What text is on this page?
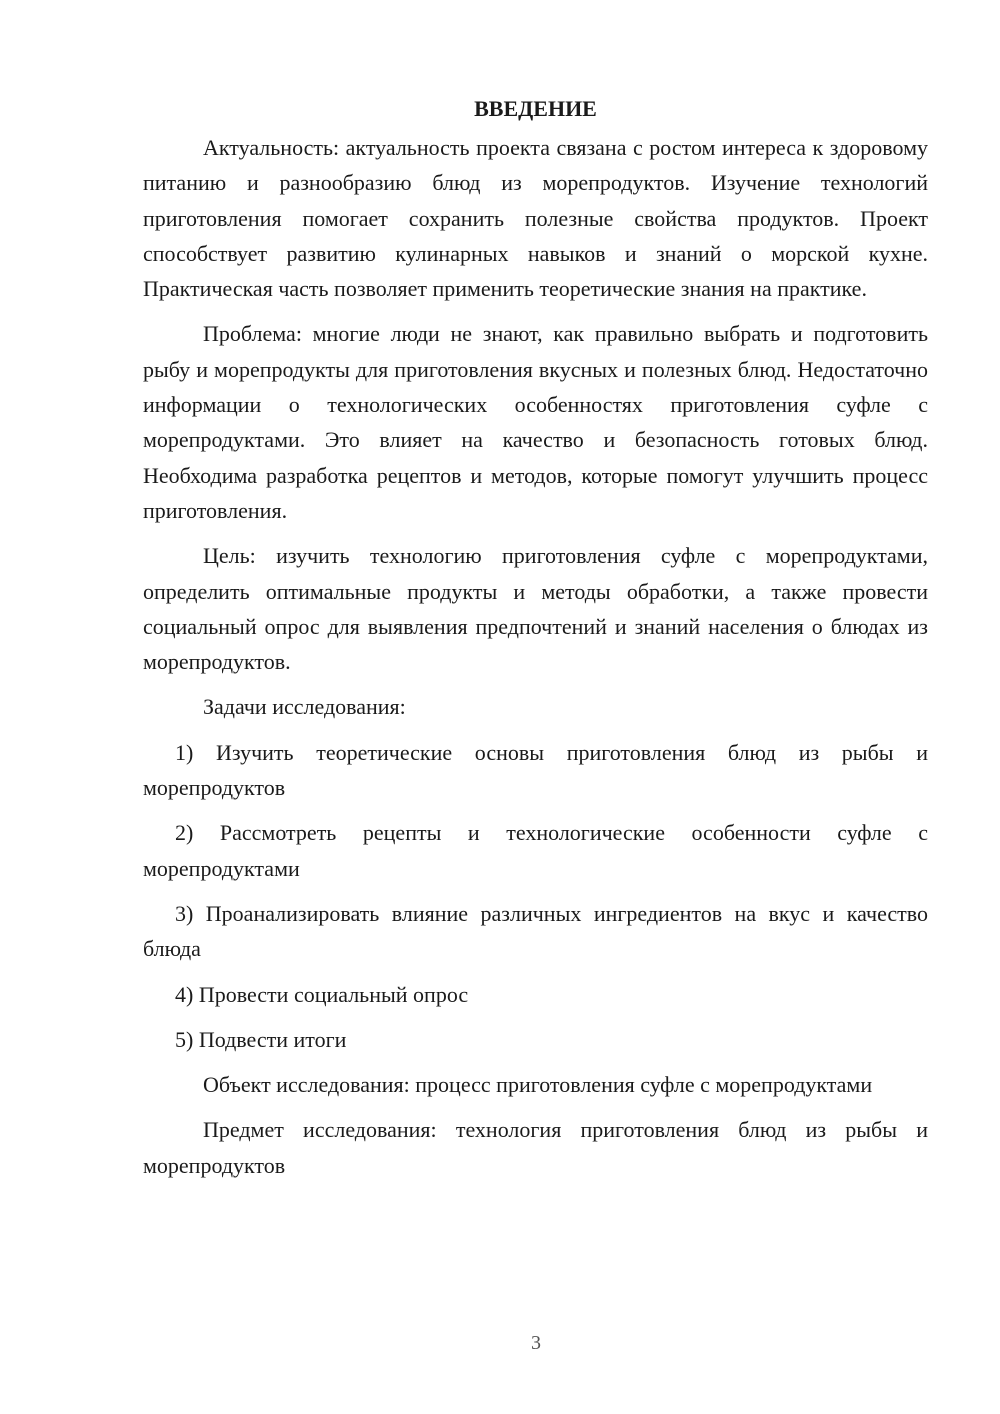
ВВЕДЕНИЕ

Актуальность: актуальность проекта связана с ростом интереса к здоровому питанию и разнообразию блюд из морепродуктов. Изучение технологий приготовления помогает сохранить полезные свойства продуктов. Проект способствует развитию кулинарных навыков и знаний о морской кухне. Практическая часть позволяет применить теоретические знания на практике.

Проблема: многие люди не знают, как правильно выбрать и подготовить рыбу и морепродукты для приготовления вкусных и полезных блюд. Недостаточно информации о технологических особенностях приготовления суфле с морепродуктами. Это влияет на качество и безопасность готовых блюд. Необходима разработка рецептов и методов, которые помогут улучшить процесс приготовления.

Цель: изучить технологию приготовления суфле с морепродуктами, определить оптимальные продукты и методы обработки, а также провести социальный опрос для выявления предпочтений и знаний населения о блюдах из морепродуктов.

Задачи исследования:

1) Изучить теоретические основы приготовления блюд из рыбы и морепродуктов

2) Рассмотреть рецепты и технологические особенности суфле с морепродуктами

3) Проанализировать влияние различных ингредиентов на вкус и качество блюда

4) Провести социальный опрос

5) Подвести итоги

Объект исследования: процесс приготовления суфле с морепродуктами

Предмет исследования: технология приготовления блюд из рыбы и морепродуктов

3
